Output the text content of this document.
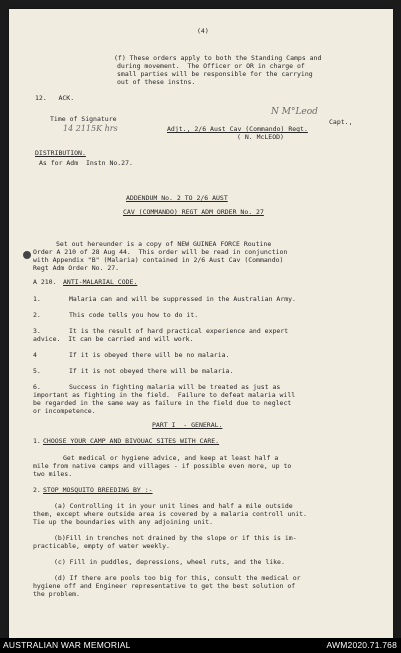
(4)
(f) These orders apply to both the Standing Camps and
during movement.  The Officer or OR in charge of
small parties will be responsible for the carrying
out of these instns.
12.   ACK.
Time of Signature
14 2115K hrs
N M°Leod
Capt.,
Adjt., 2/6 Aust Cav (Commando) Regt.
( N. McLEOD)
DISTRIBUTION.
As for Adm  Instn No.27.
ADDENDUM No. 2 TO 2/6 AUST
CAV (COMMANDO) REGT ADM ORDER No. 27
Set out hereunder is a copy of NEW GUINEA FORCE Routine
Order A 210 of 28 Aug 44.  This order will be read in conjunction
with Appendix "B" (Malaria) contained in 2/6 Aust Cav (Commando)
Regt Adm Order No. 27.
A 210. ANTI-MALARIAL CODE.
1.	Malaria can and will be suppressed in the Australian Army.
2.	This code tells you how to do it.
3.	It is the result of hard practical experience and expert
advice.  It can be carried and will work.
4	If it is obeyed there will be no malaria.
5.	If it is not obeyed there will be malaria.
6.	Success in fighting malaria will be treated as just as
important as fighting in the field.  Failure to defeat malaria will
be regarded in the same way as failure in the field due to neglect
or incompetence.
PART I  - GENERAL.
1. CHOOSE YOUR CAMP AND BIVOUAC SITES WITH CARE.
Get medical or hygiene advice, and keep at least half a
mile from native camps and villages - if possible even more, up to
two miles.
2. STOP MOSQUITO BREEDING BY :-
(a) Controlling it in your unit lines and half a mile outside
them, except where outside area is covered by a malaria controll unit.
Tie up the boundaries with any adjoining unit.
(b)Fill in trenches not drained by the slope or if this is im-
practicable, empty of water weekly.
(c) Fill in puddles, depressions, wheel ruts, and the like.
(d) If there are pools too big for this, consult the medical or
hygiene off and Engineer representative to get the best solution of
the problem.
AUSTRALIAN WAR MEMORIAL	AWM2020.71.768
